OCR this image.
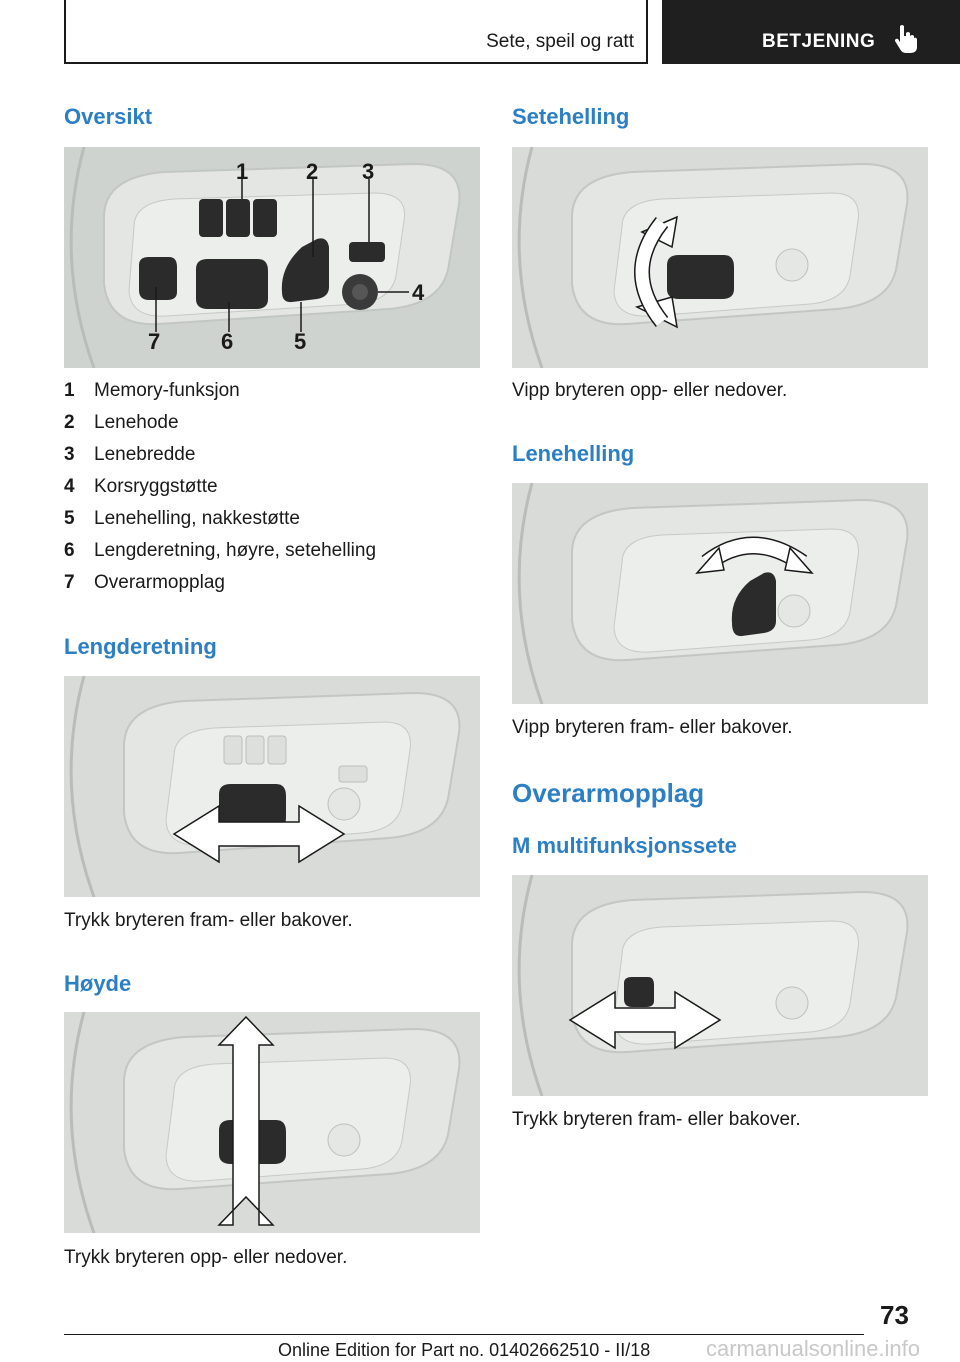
Sete, speil og ratt	BETJENING
Oversikt
1	2 3
4
5
6
7
1 Memory-funksjon
2 Lenehode
3 Lenebredde
4 Korsryggstøtte
5 Lenehelling, nakkestøtte
6 Lengderetning, høyre, setehelling
7 Overarmopplag
Lengderetning
Trykk bryteren fram- eller bakover.
Høyde
Trykk bryteren opp- eller nedover.
Setehelling
Vipp bryteren opp- eller nedover.
Lenehelling
Vipp bryteren fram- eller bakover.
Overarmopplag
M multifunksjonssete
Trykk bryteren fram- eller bakover.
73
Online Edition for Part no. 01402662510 - II/18	carmanualsonline.info
